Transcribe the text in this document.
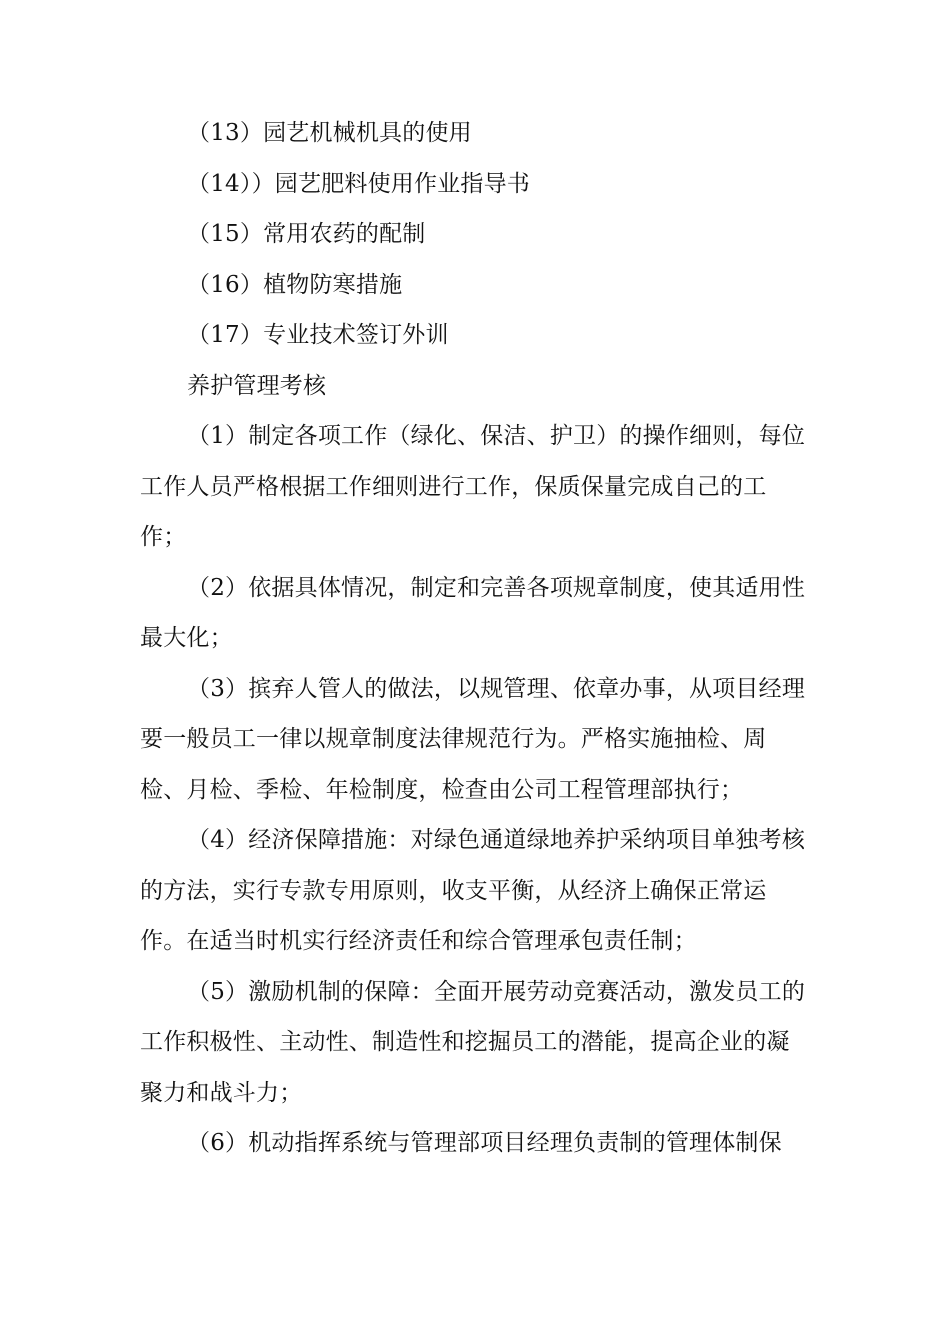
（13）园艺机械机具的使用
（14））园艺肥料使用作业指导书
（15）常用农药的配制
（16）植物防寒措施
（17）专业技术签订外训
养护管理考核
（1）制定各项工作（绿化、保洁、护卫）的操作细则，每位
工作人员严格根据工作细则进行工作，保质保量完成自己的工
作；
（2）依据具体情况，制定和完善各项规章制度，使其适用性
最大化；
（3）摈弃人管人的做法，以规管理、依章办事，从项目经理
要一般员工一律以规章制度法律规范行为。严格实施抽检、周
检、月检、季检、年检制度，检查由公司工程管理部执行；
（4）经济保障措施：对绿色通道绿地养护采纳项目单独考核
的方法，实行专款专用原则，收支平衡，从经济上确保正常运
作。在适当时机实行经济责任和综合管理承包责任制；
（5）激励机制的保障：全面开展劳动竞赛活动，激发员工的
工作积极性、主动性、制造性和挖掘员工的潜能，提高企业的凝
聚力和战斗力；
（6）机动指挥系统与管理部项目经理负责制的管理体制保
